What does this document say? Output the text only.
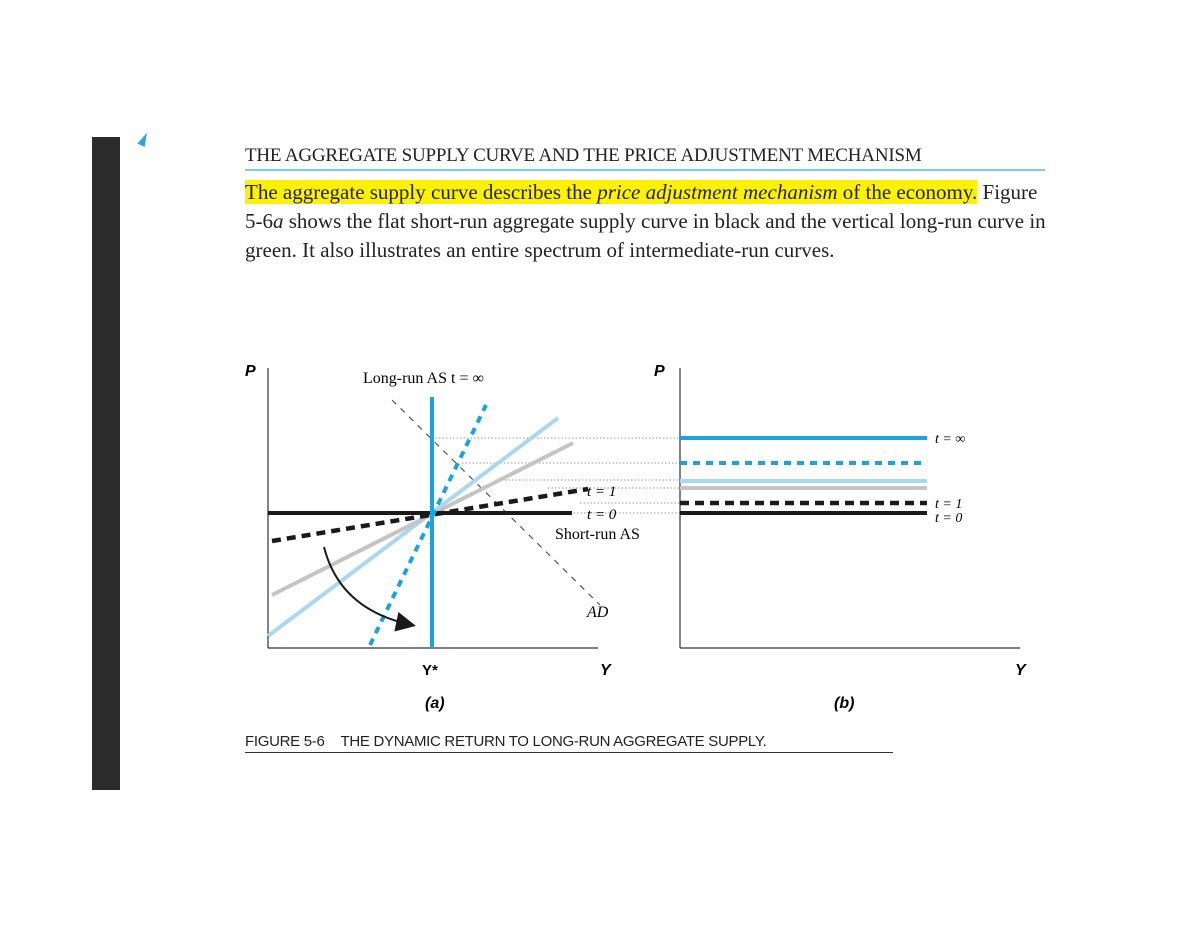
THE AGGREGATE SUPPLY CURVE AND THE PRICE ADJUSTMENT MECHANISM

The aggregate supply curve describes the price adjustment mechanism of the economy. Figure 5-6a shows the flat short-run aggregate supply curve in black and the vertical long-run curve in green. It also illustrates an entire spectrum of intermediate-run curves.

P	Long-run AS t = ∞
t = 1
t = 0
Short-run AS
AD
Y*	Y
(a)
P
t = ∞
t = 1
t = 0
Y
(b)
FIGURE 5-6 THE DYNAMIC RETURN TO LONG-RUN AGGREGATE SUPPLY.
